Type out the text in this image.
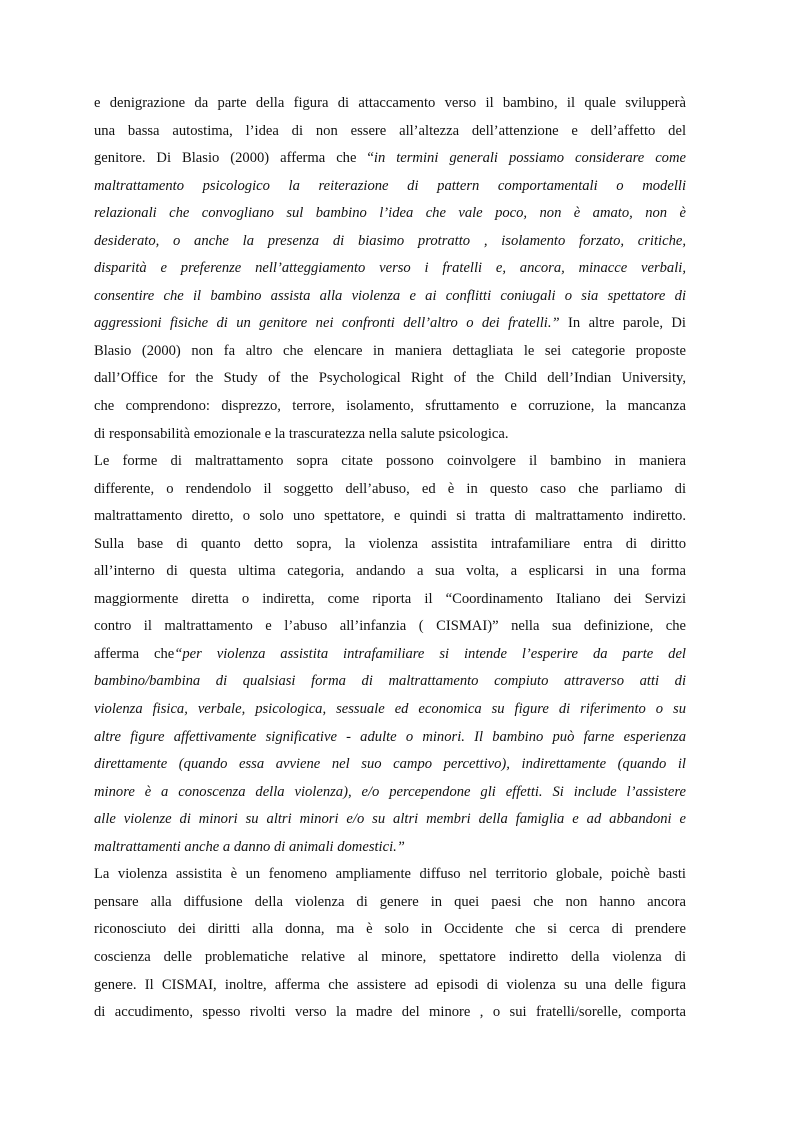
e denigrazione da parte della figura di attaccamento verso il bambino, il quale svilupperà
una bassa autostima, l’idea di non essere all’altezza dell’attenzione e dell’affetto del
genitore. Di Blasio (2000) afferma che “in termini generali possiamo considerare come
maltrattamento psicologico la reiterazione di pattern comportamentali o modelli
relazionali che convogliano sul bambino l’idea che vale poco, non è amato, non è
desiderato, o anche la presenza di biasimo protratto , isolamento forzato, critiche,
disparità e preferenze nell’atteggiamento verso i fratelli e, ancora, minacce verbali,
consentire che il bambino assista alla violenza e ai conflitti coniugali o sia spettatore di
aggressioni fisiche di un genitore nei confronti dell’altro o dei fratelli.” In altre parole, Di
Blasio (2000) non fa altro che elencare in maniera dettagliata le sei categorie proposte
dall’Office for the Study of the Psychological Right of the Child dell’Indian University,
che comprendono: disprezzo, terrore, isolamento, sfruttamento e corruzione, la mancanza
di responsabilità emozionale e la trascuratezza nella salute psicologica.
Le forme di maltrattamento sopra citate possono coinvolgere il bambino in maniera
differente, o rendendolo il soggetto dell’abuso, ed è in questo caso che parliamo di
maltrattamento diretto, o solo uno spettatore, e quindi si tratta di maltrattamento indiretto.
Sulla base di quanto detto sopra, la violenza assistita intrafamiliare entra di diritto
all’interno di questa ultima categoria, andando a sua volta, a esplicarsi in una forma
maggiormente diretta o indiretta, come riporta il “Coordinamento Italiano dei Servizi
contro il maltrattamento e l’abuso all’infanzia ( CISMAI)” nella sua definizione, che
afferma che“per violenza assistita intrafamiliare si intende l’esperire da parte del
bambino/bambina di qualsiasi forma di maltrattamento compiuto attraverso atti di
violenza fisica, verbale, psicologica, sessuale ed economica su figure di riferimento o su
altre figure affettivamente significative - adulte o minori. Il bambino può farne esperienza
direttamente (quando essa avviene nel suo campo percettivo), indirettamente (quando il
minore è a conoscenza della violenza), e/o percependone gli effetti. Si include l’assistere
alle violenze di minori su altri minori e/o su altri membri della famiglia e ad abbandoni e
maltrattamenti anche a danno di animali domestici.”
La violenza assistita è un fenomeno ampliamente diffuso nel territorio globale, poichè basti
pensare alla diffusione della violenza di genere in quei paesi che non hanno ancora
riconosciuto dei diritti alla donna, ma è solo in Occidente che si cerca di prendere
coscienza delle problematiche relative al minore, spettatore indiretto della violenza di
genere. Il CISMAI, inoltre, afferma che assistere ad episodi di violenza su una delle figura
di accudimento, spesso rivolti verso la madre del minore , o sui fratelli/sorelle, comporta
